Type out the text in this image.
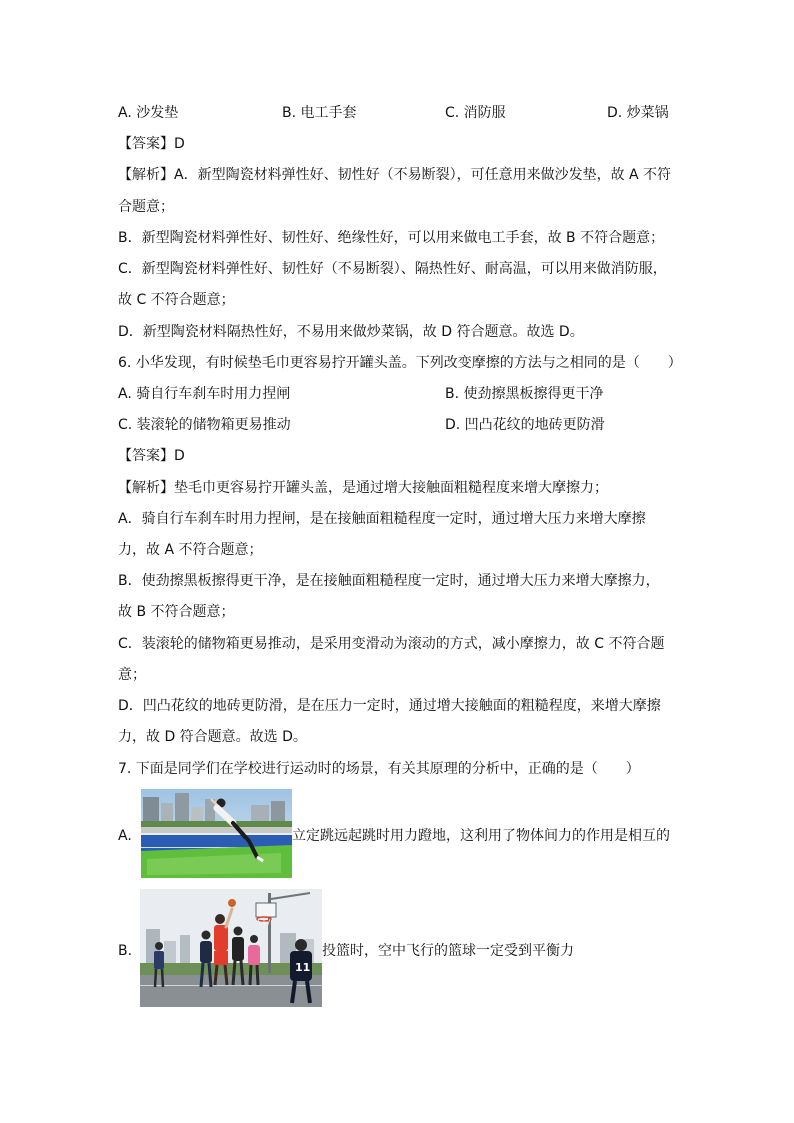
A. 沙发垫	B. 电工手套	C. 消防服	D. 炒菜锅
【答案】D
【解析】A．新型陶瓷材料弹性好、韧性好（不易断裂），可任意用来做沙发垫，故 A 不符
合题意；
B．新型陶瓷材料弹性好、韧性好、绝缘性好，可以用来做电工手套，故 B 不符合题意；
C．新型陶瓷材料弹性好、韧性好（不易断裂）、隔热性好、耐高温，可以用来做消防服，
故 C 不符合题意；
D．新型陶瓷材料隔热性好，不易用来做炒菜锅，故 D 符合题意。故选 D。
6. 小华发现，有时候垫毛巾更容易拧开罐头盖。下列改变摩擦的方法与之相同的是（　　）
A. 骑自行车刹车时用力捏闸	B. 使劲擦黑板擦得更干净
C. 装滚轮的储物箱更易推动	D. 凹凸花纹的地砖更防滑
【答案】D
【解析】垫毛巾更容易拧开罐头盖，是通过增大接触面粗糙程度来增大摩擦力；
A．骑自行车刹车时用力捏闸，是在接触面粗糙程度一定时，通过增大压力来增大摩擦
力，故 A 不符合题意；
B．使劲擦黑板擦得更干净，是在接触面粗糙程度一定时，通过增大压力来增大摩擦力，
故 B 不符合题意；
C．装滚轮的储物箱更易推动，是采用变滑动为滚动的方式，减小摩擦力，故 C 不符合题
意；
D．凹凸花纹的地砖更防滑，是在压力一定时，通过增大接触面的粗糙程度，来增大摩擦
力，故 D 符合题意。故选 D。
7. 下面是同学们在学校进行运动时的场景，有关其原理的分析中，正确的是（　　）
A.	立定跳远起跳时用力蹬地，这利用了物体间力的作用是相互的
B.
11
投篮时，空中飞行的篮球一定受到平衡力
